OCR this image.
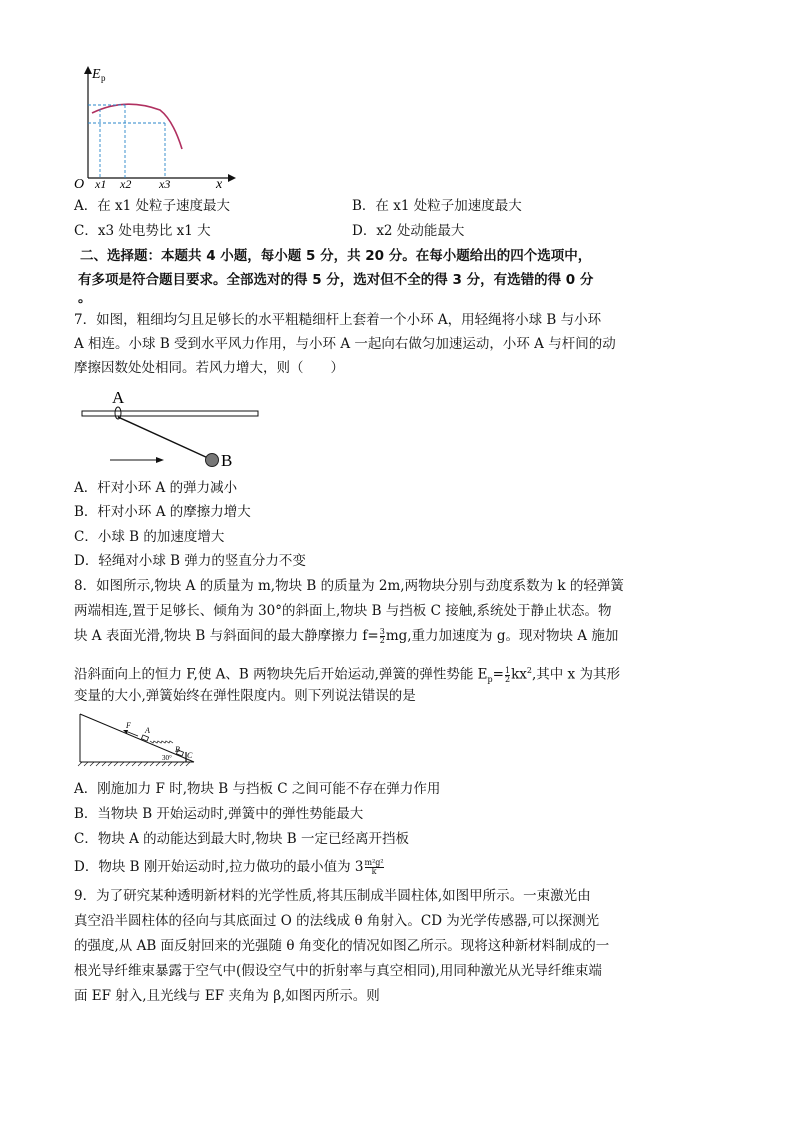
E p
O	x
x1 x2 x3
A．在 x1 处粒子速度最大	B．在 x1 处粒子加速度最大
C．x3 处电势比 x1 大	D．x2 处动能最大
二、选择题：本题共 4 小题，每小题 5 分，共 20 分。在每小题给出的四个选项中，
有多项是符合题目要求。全部选对的得 5 分，选对但不全的得 3 分，有选错的得 0 分
。
7．如图，粗细均匀且足够长的水平粗糙细杆上套着一个小环 A，用轻绳将小球 B 与小环
A 相连。小球 B 受到水平风力作用，与小环 A 一起向右做匀加速运动，小环 A 与杆间的动
摩擦因数处处相同。若风力增大，则（　　）
A
B
A．杆对小环 A 的弹力减小
B．杆对小环 A 的摩擦力增大
C．小球 B 的加速度增大
D．轻绳对小球 B 弹力的竖直分力不变
8．如图所示,物块 A 的质量为 m,物块 B 的质量为 2m,两物块分别与劲度系数为 k 的轻弹簧
两端相连,置于足够长、倾角为 30°的斜面上,物块 B 与挡板 C 接触,系统处于静止状态。物
块 A 表面光滑,物块 B 与斜面间的最大静摩擦力 $f= \frac{3}{2}$ mg,重力加速度为 g。现对物块 A 施加
沿斜面向上的恒力 F,使 A、B 两物块先后开始运动,弹簧的弹性势能 $E_p= \frac{1}{2} kx^2$,其中 x 为其形
变量的大小,弹簧始终在弹性限度内。则下列说法错误的是
F
A
30°
B
C
A．刚施加力 F 时,物块 B 与挡板 C 之间可能不存在弹力作用
B．当物块 B 开始运动时,弹簧中的弹性势能最大
C．物块 A 的动能达到最大时,物块 B 一定已经离开挡板
D．物块 B 刚开始运动时,拉力做功的最小值为 $3 \frac{\text{m²g²}}{k}$
9．为了研究某种透明新材料的光学性质,将其压制成半圆柱体,如图甲所示。一束激光由
真空沿半圆柱体的径向与其底面过 O 的法线成 θ 角射入。CD 为光学传感器,可以探测光
的强度,从 AB 面反射回来的光强随 θ 角变化的情况如图乙所示。现将这种新材料制成的一
根光导纤维束暴露于空气中(假设空气中的折射率与真空相同),用同种激光从光导纤维束端
面 EF 射入,且光线与 EF 夹角为 β,如图丙所示。则
